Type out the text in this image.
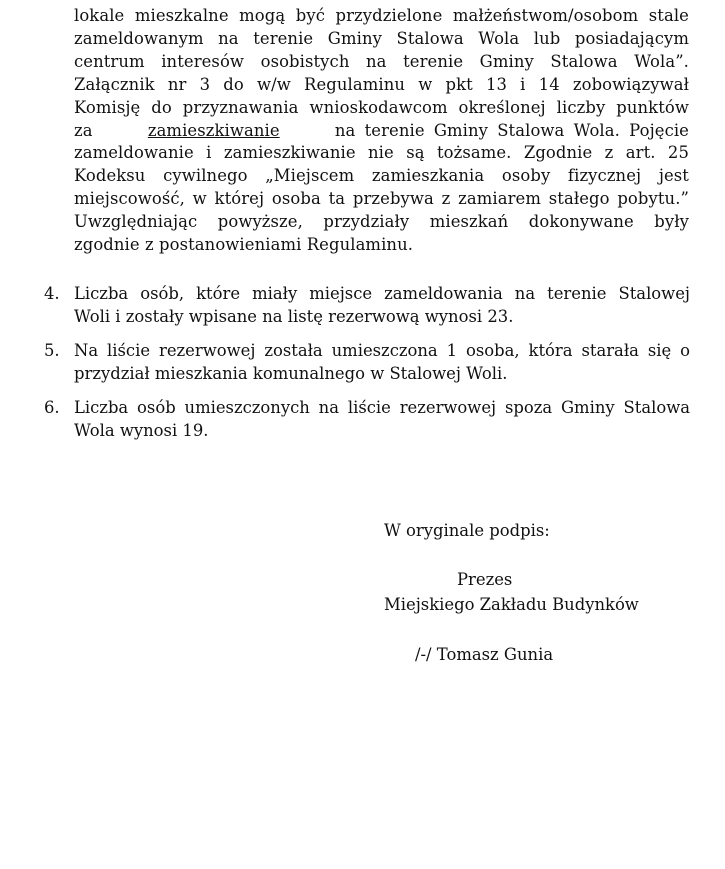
lokale mieszkalne mogą być przydzielone małżeństwom/osobom stale
zameldowanym na terenie Gminy Stalowa Wola lub posiadającym
centrum interesów osobistych na terenie Gminy Stalowa Wola”.
Załącznik nr 3 do w/w Regulaminu w pkt 13 i 14 zobowiązywał
Komisję do przyznawania wnioskodawcom określonej liczby punktów
za	zamieszkiwanie	na terenie Gminy Stalowa Wola. Pojęcie
zameldowanie i zamieszkiwanie nie są tożsame. Zgodnie z art. 25
Kodeksu cywilnego „Miejscem zamieszkania osoby fizycznej jest
miejscowość, w której osoba ta przebywa z zamiarem stałego pobytu.”
Uwzględniając powyższe, przydziały mieszkań dokonywane były
zgodnie z postanowieniami Regulaminu.
4. Liczba osób, które miały miejsce zameldowania na terenie Stalowej
Woli i zostały wpisane na listę rezerwową wynosi 23.
5. Na liście rezerwowej została umieszczona 1 osoba, która starała się o
przydział mieszkania komunalnego w Stalowej Woli.
6. Liczba osób umieszczonych na liście rezerwowej spoza Gminy Stalowa
Wola wynosi 19.
W oryginale podpis:
Prezes
Miejskiego Zakładu Budynków
/-/ Tomasz Gunia
